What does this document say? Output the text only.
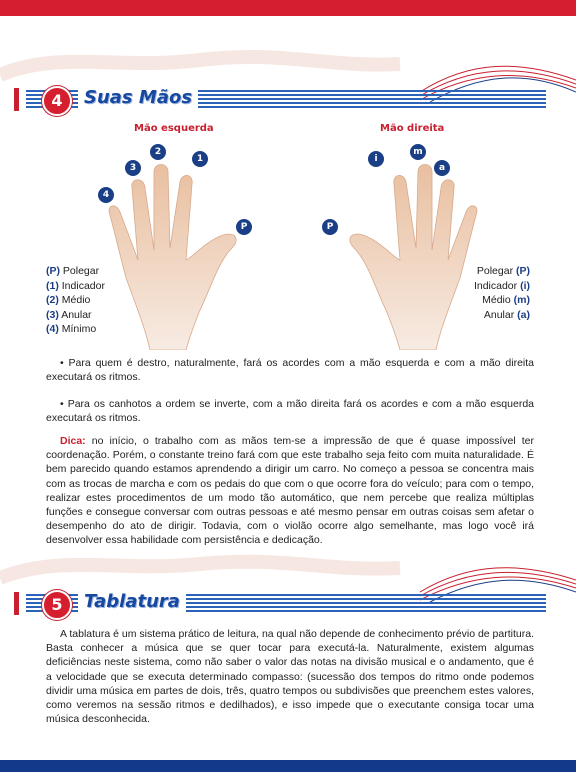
4	Suas Mãos
Mão esquerda	Mão direita
4
3
2
1
P	P
i
m
a
(P) Polegar
(1) Indicador
(2) Médio
(3) Anular
(4) Mínimo
Polegar (P)
Indicador (i)
Médio (m)
Anular (a)
• Para quem é destro, naturalmente, fará os acordes com a mão esquerda e com a mão direita executará os ritmos.
• Para os canhotos a ordem se inverte, com a mão direita fará os acordes e com a mão esquerda executará os ritmos.
Dica: no início, o trabalho com as mãos tem-se a impressão de que é quase impossível ter coordenação. Porém, o constante treino fará com que este trabalho seja feito com muita naturalidade. É bem parecido quando estamos aprendendo a dirigir um carro. No começo a pessoa se concentra mais com as trocas de marcha e com os pedais do que com o que ocorre fora do veículo; para com o tempo, realizar estes procedimentos de um modo tão automático, que nem percebe que realiza múltiplas funções e consegue conversar com outras pessoas e até mesmo pensar em outras coisas sem afetar o desempenho do ato de dirigir. Todavia, com o violão ocorre algo semelhante, mas logo você irá desenvolver essa habilidade com persistência e dedicação.
5	Tablatura
A tablatura é um sistema prático de leitura, na qual não depende de conhecimento prévio de partitura. Basta conhecer a música que se quer tocar para executá-la. Naturalmente, existem algumas deficiências neste sistema, como não saber o valor das notas na divisão musical e o andamento, que é a velocidade que se executa determinado compasso: (sucessão dos tempos do ritmo onde podemos dividir uma música em partes de dois, três, quatro tempos ou subdivisões que preenchem estes valores, como veremos na sessão ritmos e dedilhados), e isso impede que o executante consiga tocar uma música desconhecida.
